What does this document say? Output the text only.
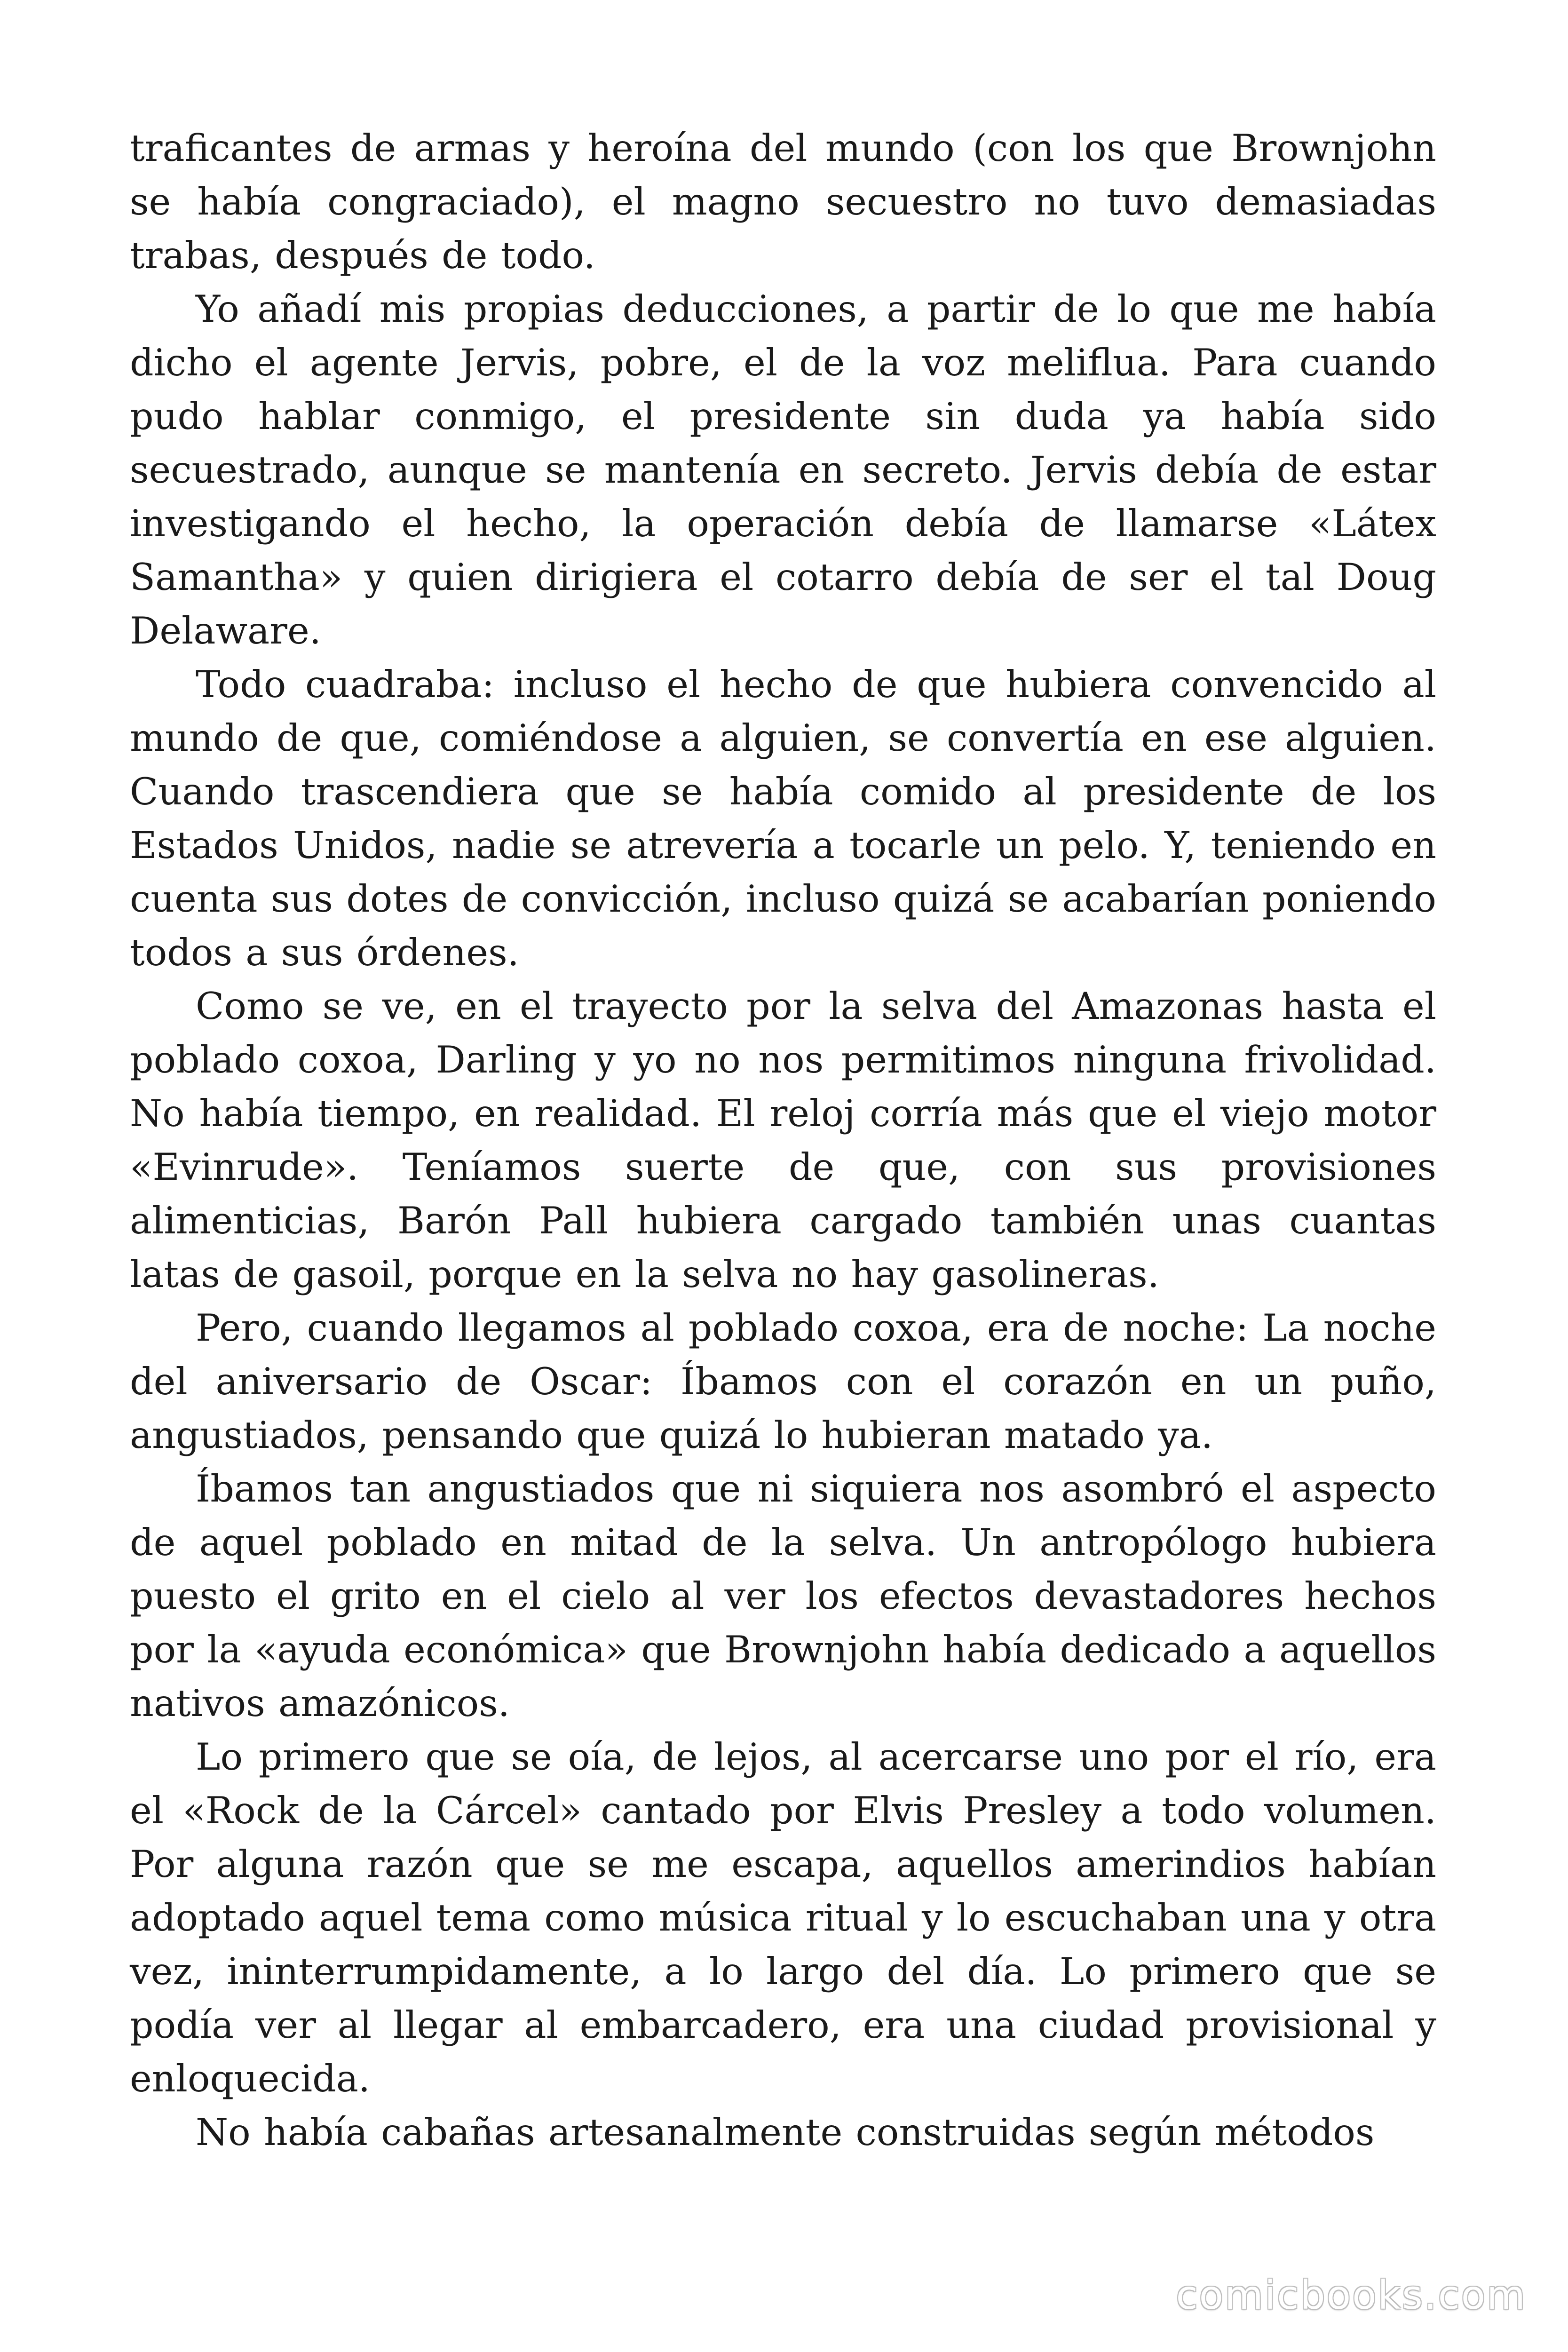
traficantes de armas y heroína del mundo (con los que Brownjohn se había congraciado), el magno secuestro no tuvo demasiadas trabas, después de todo.

Yo añadí mis propias deducciones, a partir de lo que me había dicho el agente Jervis, pobre, el de la voz meliflua. Para cuando pudo hablar conmigo, el presidente sin duda ya había sido secuestrado, aunque se mantenía en secreto. Jervis debía de estar investigando el hecho, la operación debía de llamarse «Látex Samantha» y quien dirigiera el cotarro debía de ser el tal Doug Delaware.

Todo cuadraba: incluso el hecho de que hubiera convencido al mundo de que, comiéndose a alguien, se convertía en ese alguien. Cuando trascendiera que se había comido al presidente de los Estados Unidos, nadie se atrevería a tocarle un pelo. Y, teniendo en cuenta sus dotes de convicción, incluso quizá se acabarían poniendo todos a sus órdenes.

Como se ve, en el trayecto por la selva del Amazonas hasta el poblado coxoa, Darling y yo no nos permitimos ninguna frivolidad. No había tiempo, en realidad. El reloj corría más que el viejo motor «Evinrude». Teníamos suerte de que, con sus provisiones alimenticias, Barón Pall hubiera cargado también unas cuantas latas de gasoil, porque en la selva no hay gasolineras.

Pero, cuando llegamos al poblado coxoa, era de noche: La noche del aniversario de Oscar: Íbamos con el corazón en un puño, angustiados, pensando que quizá lo hubieran matado ya.

Íbamos tan angustiados que ni siquiera nos asombró el aspecto de aquel poblado en mitad de la selva. Un antropólogo hubiera puesto el grito en el cielo al ver los efectos devastadores hechos por la «ayuda económica» que Brownjohn había dedicado a aquellos nativos amazónicos.

Lo primero que se oía, de lejos, al acercarse uno por el río, era el «Rock de la Cárcel» cantado por Elvis Presley a todo volumen. Por alguna razón que se me escapa, aquellos amerindios habían adoptado aquel tema como música ritual y lo escuchaban una y otra vez, ininterrumpidamente, a lo largo del día. Lo primero que se podía ver al llegar al embarcadero, era una ciudad provisional y enloquecida.

No había cabañas artesanalmente construidas según métodos

comicbooks.com
